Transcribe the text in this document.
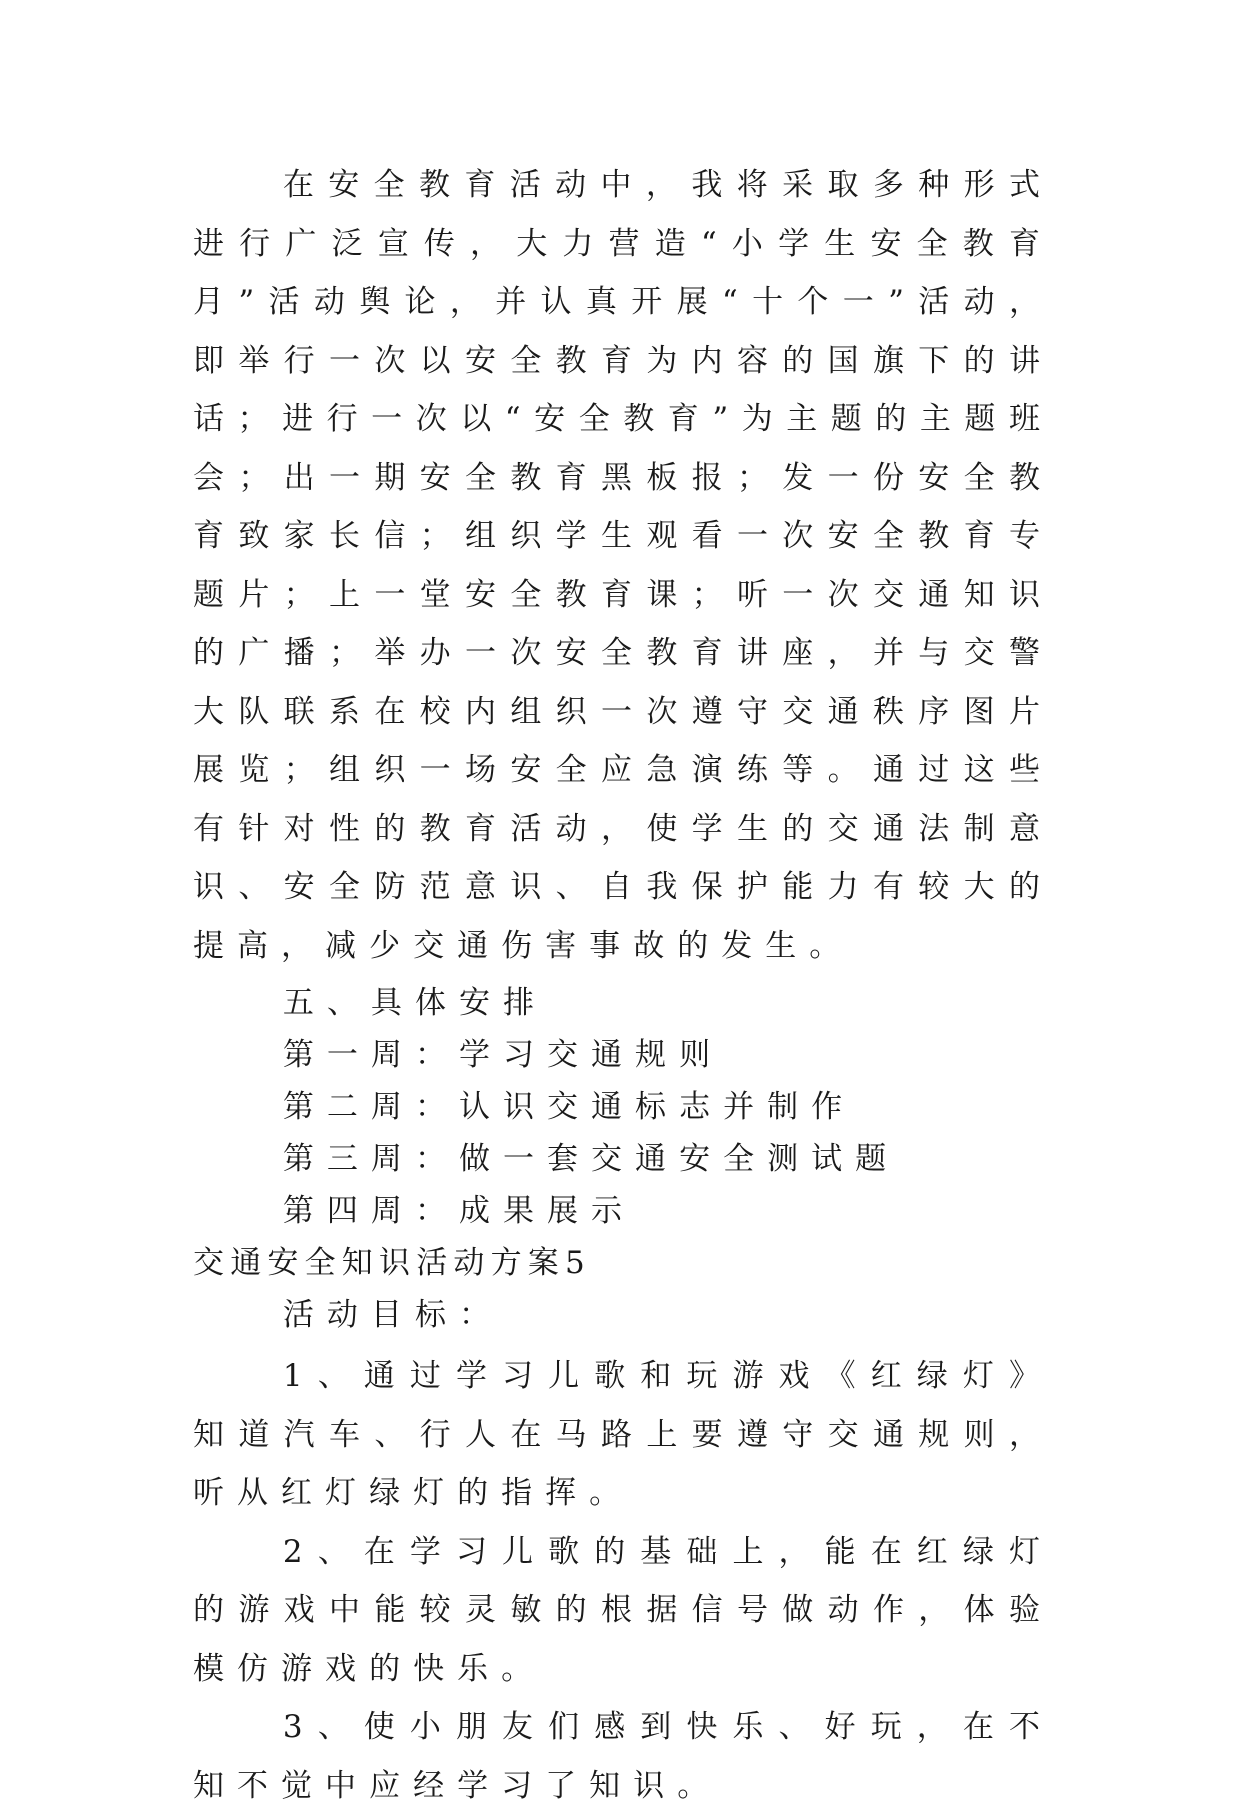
在安全教育活动中，我将采取多种形式进行广泛宣传，大力营造“小学生安全教育月”活动舆论，并认真开展“十个一”活动，即举行一次以安全教育为内容的国旗下的讲话；进行一次以“安全教育”为主题的主题班会；出一期安全教育黑板报；发一份安全教育致家长信；组织学生观看一次安全教育专题片；上一堂安全教育课；听一次交通知识的广播；举办一次安全教育讲座，并与交警大队联系在校内组织一次遵守交通秩序图片展览；组织一场安全应急演练等。通过这些有针对性的教育活动，使学生的交通法制意识、安全防范意识、自我保护能力有较大的提高，减少交通伤害事故的发生。

五、具体安排

第一周：学习交通规则

第二周：认识交通标志并制作

第三周：做一套交通安全测试题

第四周：成果展示

交通安全知识活动方案5

活动目标：

1、通过学习儿歌和玩游戏《红绿灯》知道汽车、行人在马路上要遵守交通规则，听从红灯绿灯的指挥。

2、在学习儿歌的基础上，能在红绿灯的游戏中能较灵敏的根据信号做动作，体验模仿游戏的快乐。

3、使小朋友们感到快乐、好玩，在不知不觉中应经学习了知识。
